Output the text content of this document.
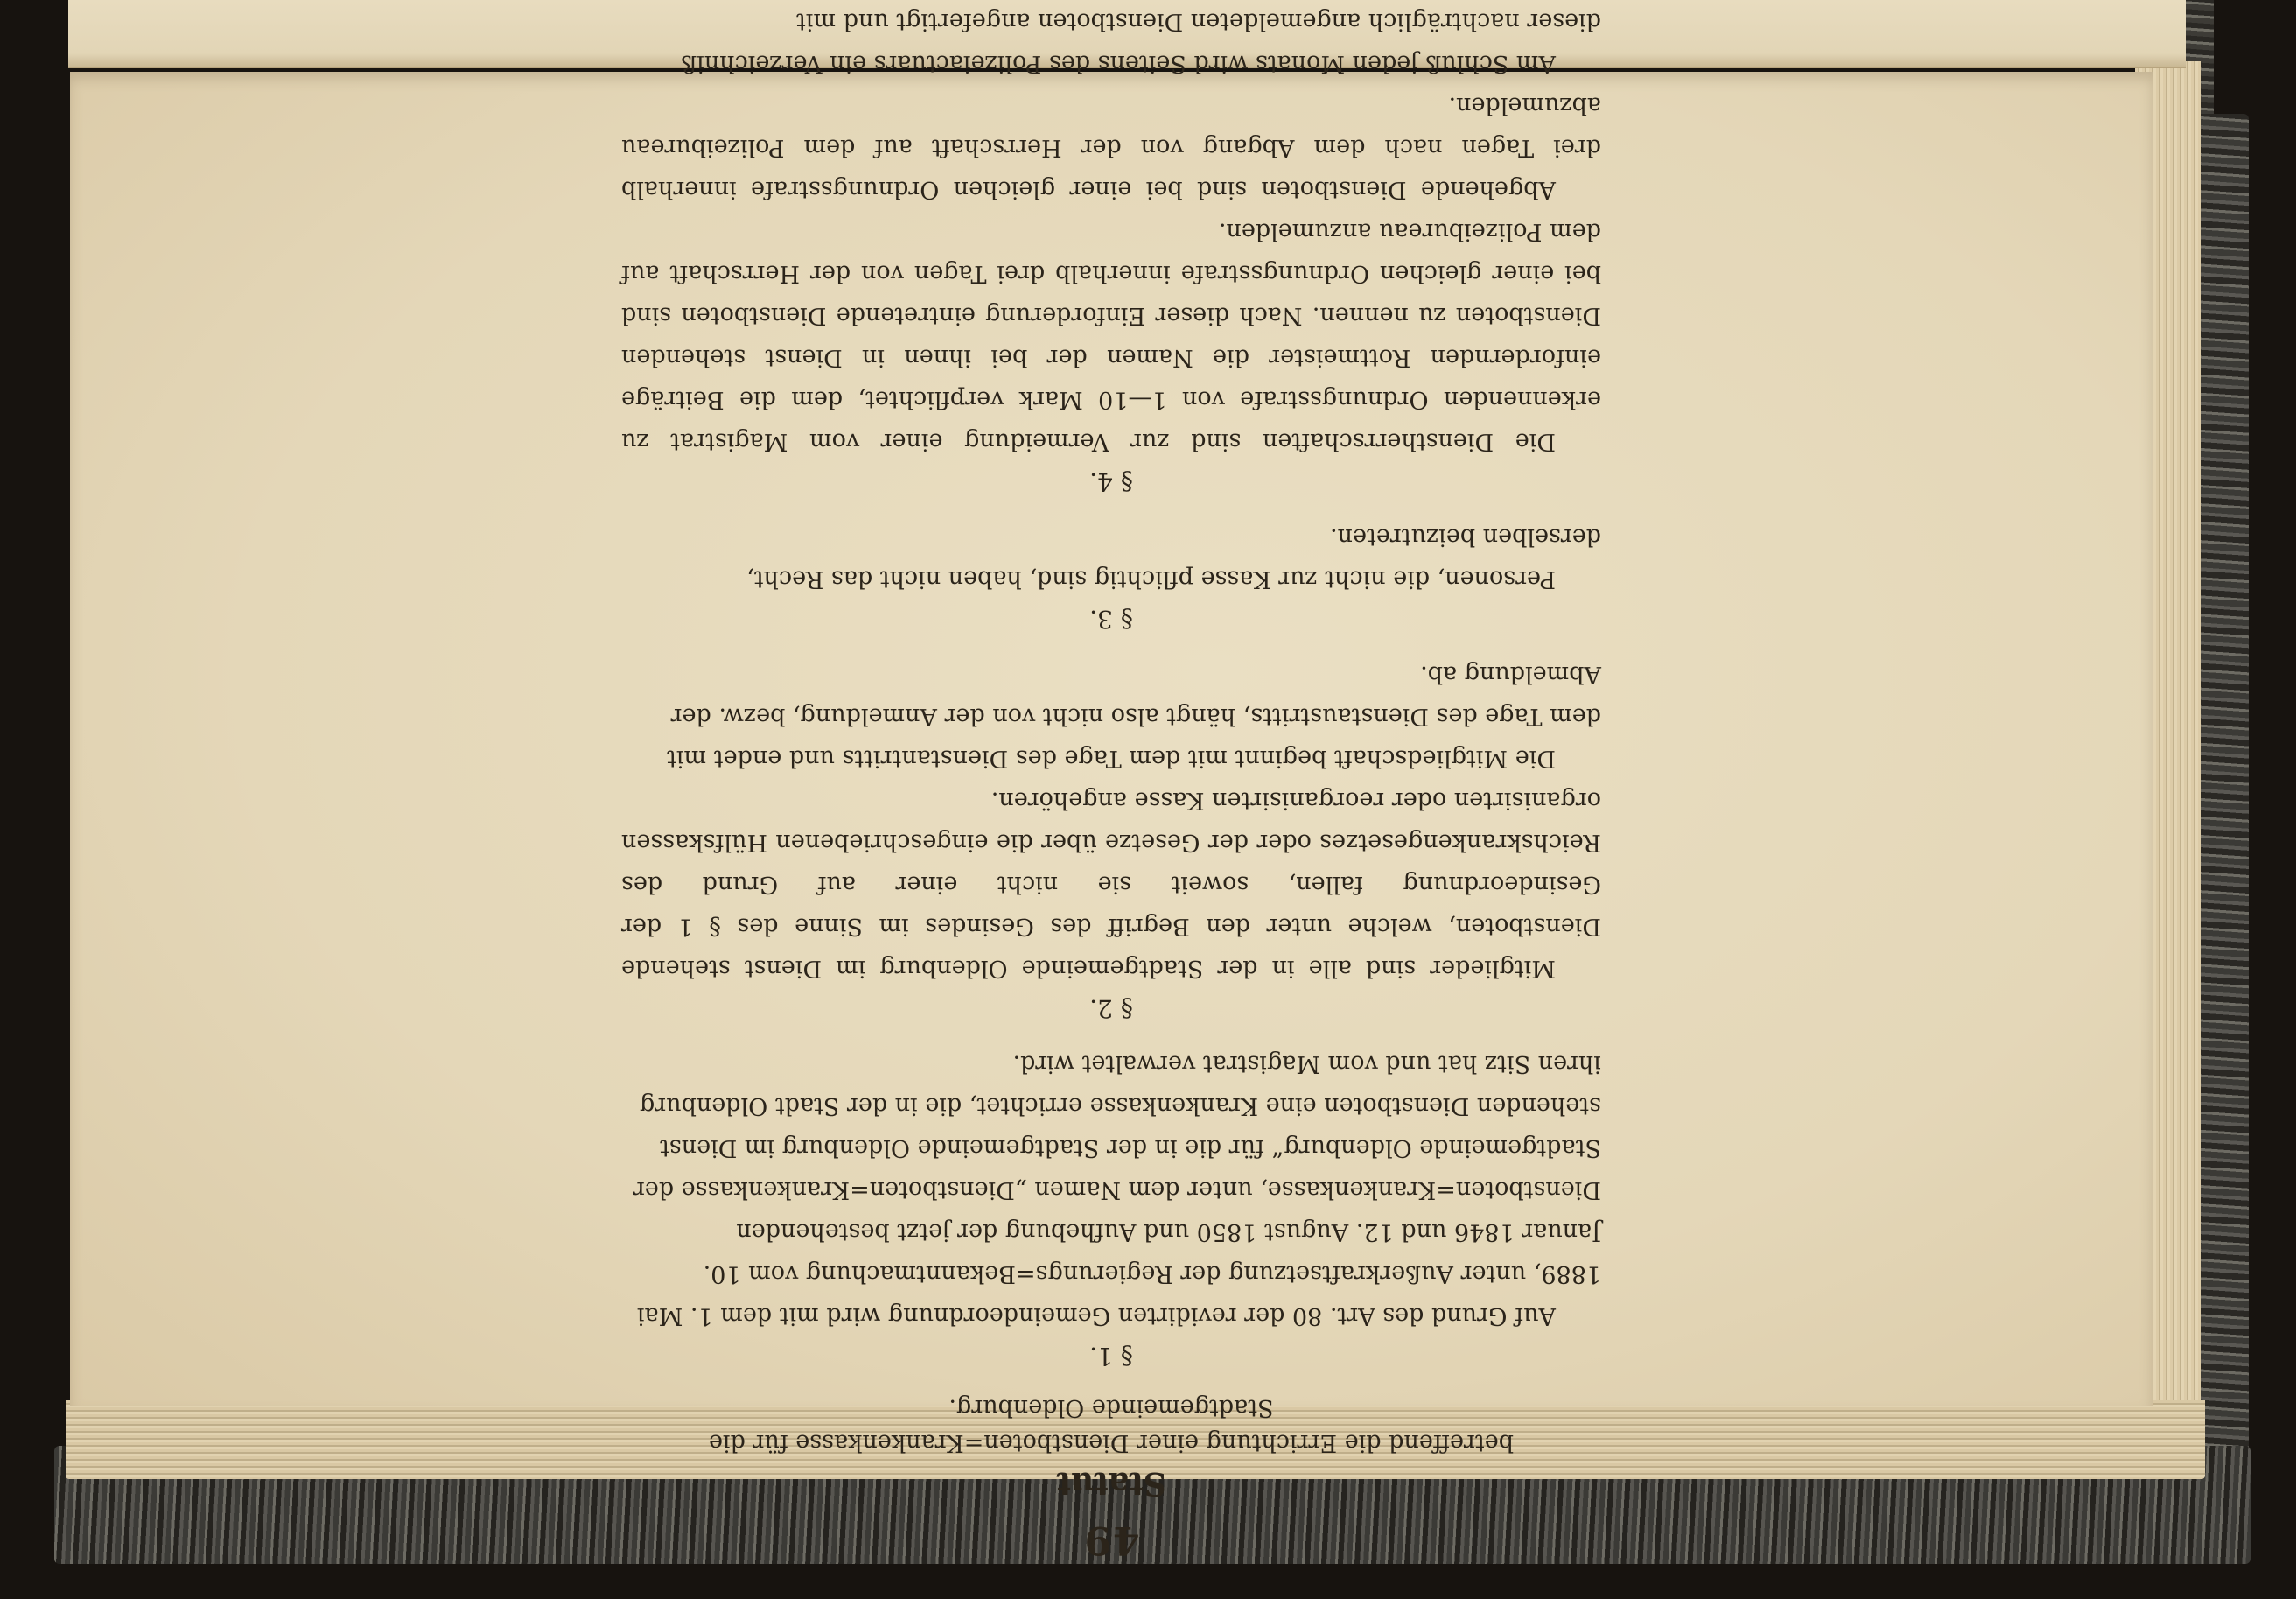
49
Statut
betreffend die Errichtung einer Dienstboten=Krankenkasse für die Stadtgemeinde Oldenburg.
§ 1.

Auf Grund des Art. 80 der revidirten Gemeindeordnung wird mit dem 1. Mai 1889, unter Außerkraftsetzung der Regierungs=Bekanntmachung vom 10. Januar 1846 und 12. August 1850 und Aufhebung der jetzt bestehenden Dienstboten=Krankenkasse, unter dem Namen „Dienstboten=Krankenkasse der Stadtgemeinde Oldenburg“ für die in der Stadtgemeinde Oldenburg im Dienst stehenden Dienstboten eine Krankenkasse errichtet, die in der Stadt Oldenburg ihren Sitz hat und vom Magistrat verwaltet wird.

§ 2.

Mitglieder sind alle in der Stadtgemeinde Oldenburg im Dienst stehende Dienstboten, welche unter den Begriff des Gesindes im Sinne des § 1 der Gesindeordnung fallen, soweit sie nicht einer auf Grund des Reichskrankengesetzes oder der Gesetze über die eingeschriebenen Hülfskassen organisirten oder reorganisirten Kasse angehören.

Die Mitgliedschaft beginnt mit dem Tage des Dienstantritts und endet mit dem Tage des Dienstaustritts, hängt also nicht von der Anmeldung, bezw. der Abmeldung ab.

§ 3.

Personen, die nicht zur Kasse pflichtig sind, haben nicht das Recht, derselben beizutreten.

§ 4.

Die Dienstherrschaften sind zur Vermeidung einer vom Magistrat zu erkennenden Ordnungsstrafe von 1—10 Mark verpflichtet, dem die Beiträge einfordernden Rottmeister die Namen der bei ihnen in Dienst stehenden Dienstboten zu nennen. Nach dieser Einforderung eintretende Dienstboten sind bei einer gleichen Ordnungsstrafe innerhalb drei Tagen von der Herrschaft auf dem Polizeibureau anzumelden.

Abgehende Dienstboten sind bei einer gleichen Ordnungsstrafe innerhalb drei Tagen nach dem Abgang von der Herrschaft auf dem Polizeibureau abzumelden.

Am Schluß jeden Monats wird Seitens des Polizeiactuars ein Verzeichniß dieser nachträglich angemeldeten Dienstboten angefertigt und mit
